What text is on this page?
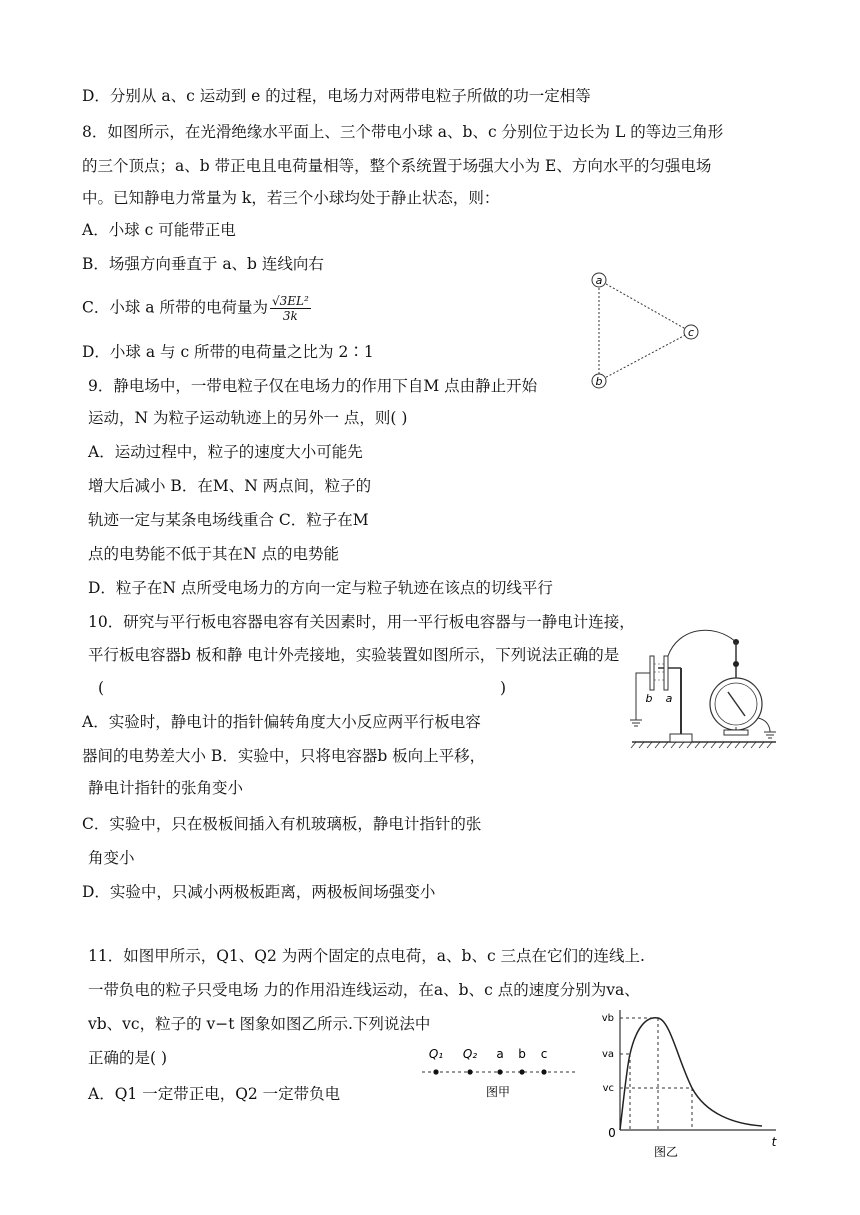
D．分别从 a、c 运动到 e 的过程，电场力对两带电粒子所做的功一定相等
8．如图所示，在光滑绝缘水平面上、三个带电小球 a、b、c 分别位于边长为 L 的等边三角形
的三个顶点；a、b 带正电且电荷量相等，整个系统置于场强大小为 E、方向水平的匀强电场
中。已知静电力常量为 k，若三个小球均处于静止状态，则：
A．小球 c 可能带正电
B．场强方向垂直于 a、b 连线向右
C．小球 a 所带的电荷量为 $\frac{\text{√3EL²}}{3k}$
D．小球 a 与 c 所带的电荷量之比为 2∶1
a
b
c
9．静电场中，一带电粒子仅在电场力的作用下自M 点由静止开始
运动，N 为粒子运动轨迹上的另外一 点，则( )
A．运动过程中，粒子的速度大小可能先
增大后减小 B．在M、N 两点间，粒子的
轨迹一定与某条电场线重合 C．粒子在M
点的电势能不低于其在N 点的电势能
D．粒子在N 点所受电场力的方向一定与粒子轨迹在该点的切线平行
10．研究与平行板电容器电容有关因素时，用一平行板电容器与一静电计连接，
平行板电容器b 板和静 电计外壳接地，实验装置如图所示，下列说法正确的是
(	)
A．实验时，静电计的指针偏转角度大小反应两平行板电容
器间的电势差大小 B．实验中，只将电容器b 板向上平移，
静电计指针的张角变小
C．实验中，只在极板间插入有机玻璃板，静电计指针的张
角变小
D．实验中，只减小两极板距离，两极板间场强变小
b a
11．如图甲所示，Q1、Q2 为两个固定的点电荷，a、b、c 三点在它们的连线上.
一带负电的粒子只受电场 力的作用沿连线运动，在a、b、c 点的速度分别为va、
vb、vc，粒子的 v−t 图象如图乙所示.下列说法中
正确的是( )
A．Q1 一定带正电，Q2 一定带负电
Q₁ Q₂ a b c
图甲
vb
va
vc
0
t
图乙
